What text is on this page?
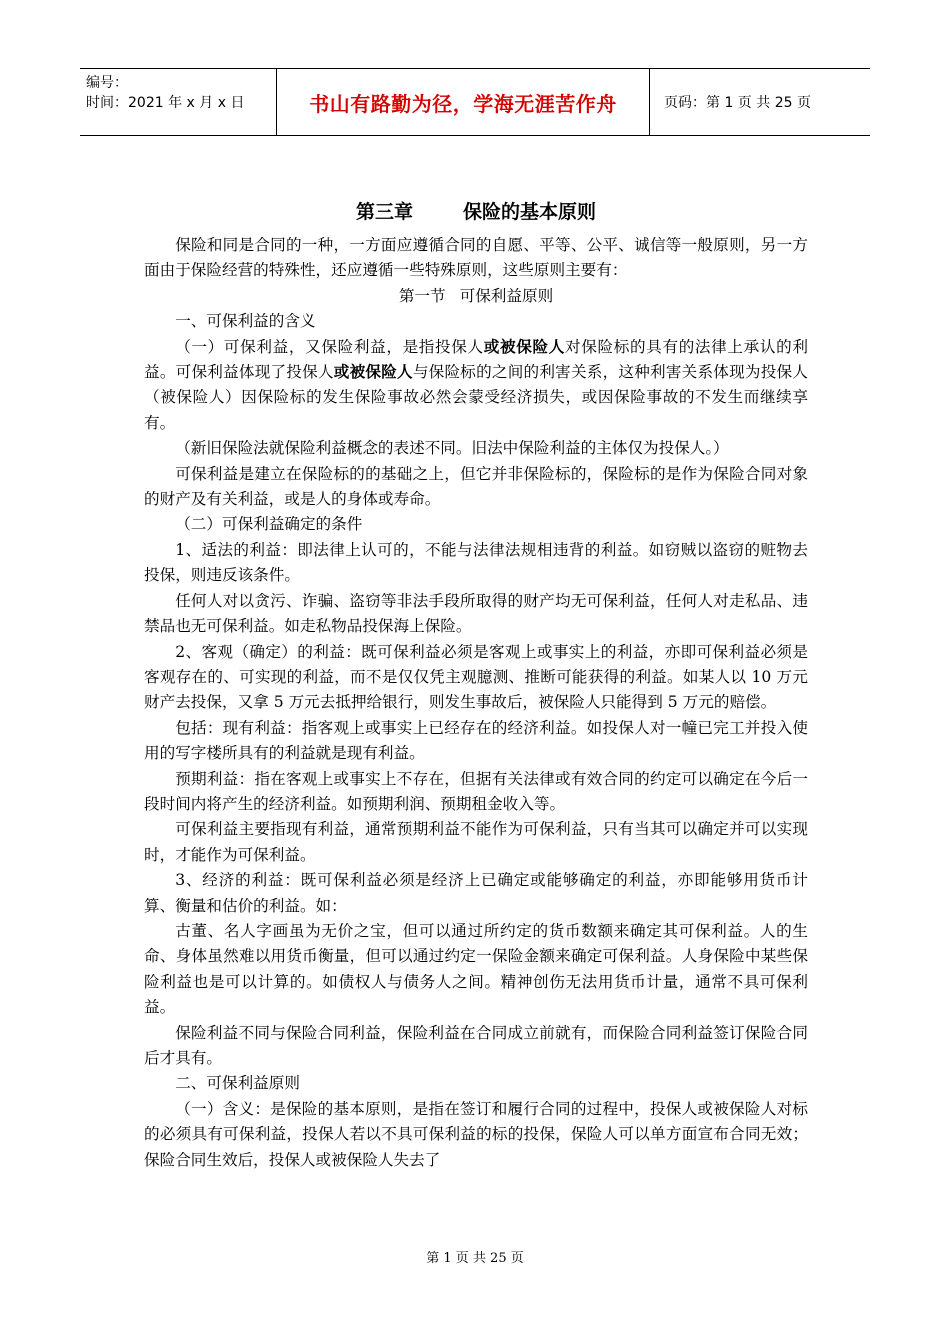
编号：
时间：2021 年 x 月 x 日	书山有路勤为径，学海无涯苦作舟	页码：第 1 页 共 25 页
第三章	保险的基本原则

保险和同是合同的一种，一方面应遵循合同的自愿、平等、公平、诚信等一般原则，另一方面由于保险经营的特殊性，还应遵循一些特殊原则，这些原则主要有：

第一节 可保利益原则

一、可保利益的含义

（一）可保利益，又保险利益，是指投保人或被保险人对保险标的具有的法律上承认的利益。可保利益体现了投保人或被保险人与保险标的之间的利害关系，这种利害关系体现为投保人（被保险人）因保险标的发生保险事故必然会蒙受经济损失，或因保险事故的不发生而继续享有。

（新旧保险法就保险利益概念的表述不同。旧法中保险利益的主体仅为投保人。）

可保利益是建立在保险标的的基础之上，但它并非保险标的，保险标的是作为保险合同对象的财产及有关利益，或是人的身体或寿命。

（二）可保利益确定的条件

1、适法的利益：即法律上认可的，不能与法律法规相违背的利益。如窃贼以盗窃的赃物去投保，则违反该条件。

任何人对以贪污、诈骗、盗窃等非法手段所取得的财产均无可保利益，任何人对走私品、违禁品也无可保利益。如走私物品投保海上保险。

2、客观（确定）的利益：既可保利益必须是客观上或事实上的利益，亦即可保利益必须是客观存在的、可实现的利益，而不是仅仅凭主观臆测、推断可能获得的利益。如某人以 10 万元财产去投保，又拿 5 万元去抵押给银行，则发生事故后，被保险人只能得到 5 万元的赔偿。

包括：现有利益：指客观上或事实上已经存在的经济利益。如投保人对一幢已完工并投入使用的写字楼所具有的利益就是现有利益。

预期利益：指在客观上或事实上不存在，但据有关法律或有效合同的约定可以确定在今后一段时间内将产生的经济利益。如预期利润、预期租金收入等。

可保利益主要指现有利益，通常预期利益不能作为可保利益，只有当其可以确定并可以实现时，才能作为可保利益。

3、经济的利益：既可保利益必须是经济上已确定或能够确定的利益，亦即能够用货币计算、衡量和估价的利益。如：

古董、名人字画虽为无价之宝，但可以通过所约定的货币数额来确定其可保利益。人的生命、身体虽然难以用货币衡量，但可以通过约定一保险金额来确定可保利益。人身保险中某些保险利益也是可以计算的。如债权人与债务人之间。精神创伤无法用货币计量，通常不具可保利益。

保险利益不同与保险合同利益，保险利益在合同成立前就有，而保险合同利益签订保险合同后才具有。

二、可保利益原则

（一）含义：是保险的基本原则，是指在签订和履行合同的过程中，投保人或被保险人对标的必须具有可保利益，投保人若以不具可保利益的标的投保，保险人可以单方面宣布合同无效；保险合同生效后，投保人或被保险人失去了

第 1 页 共 25 页
